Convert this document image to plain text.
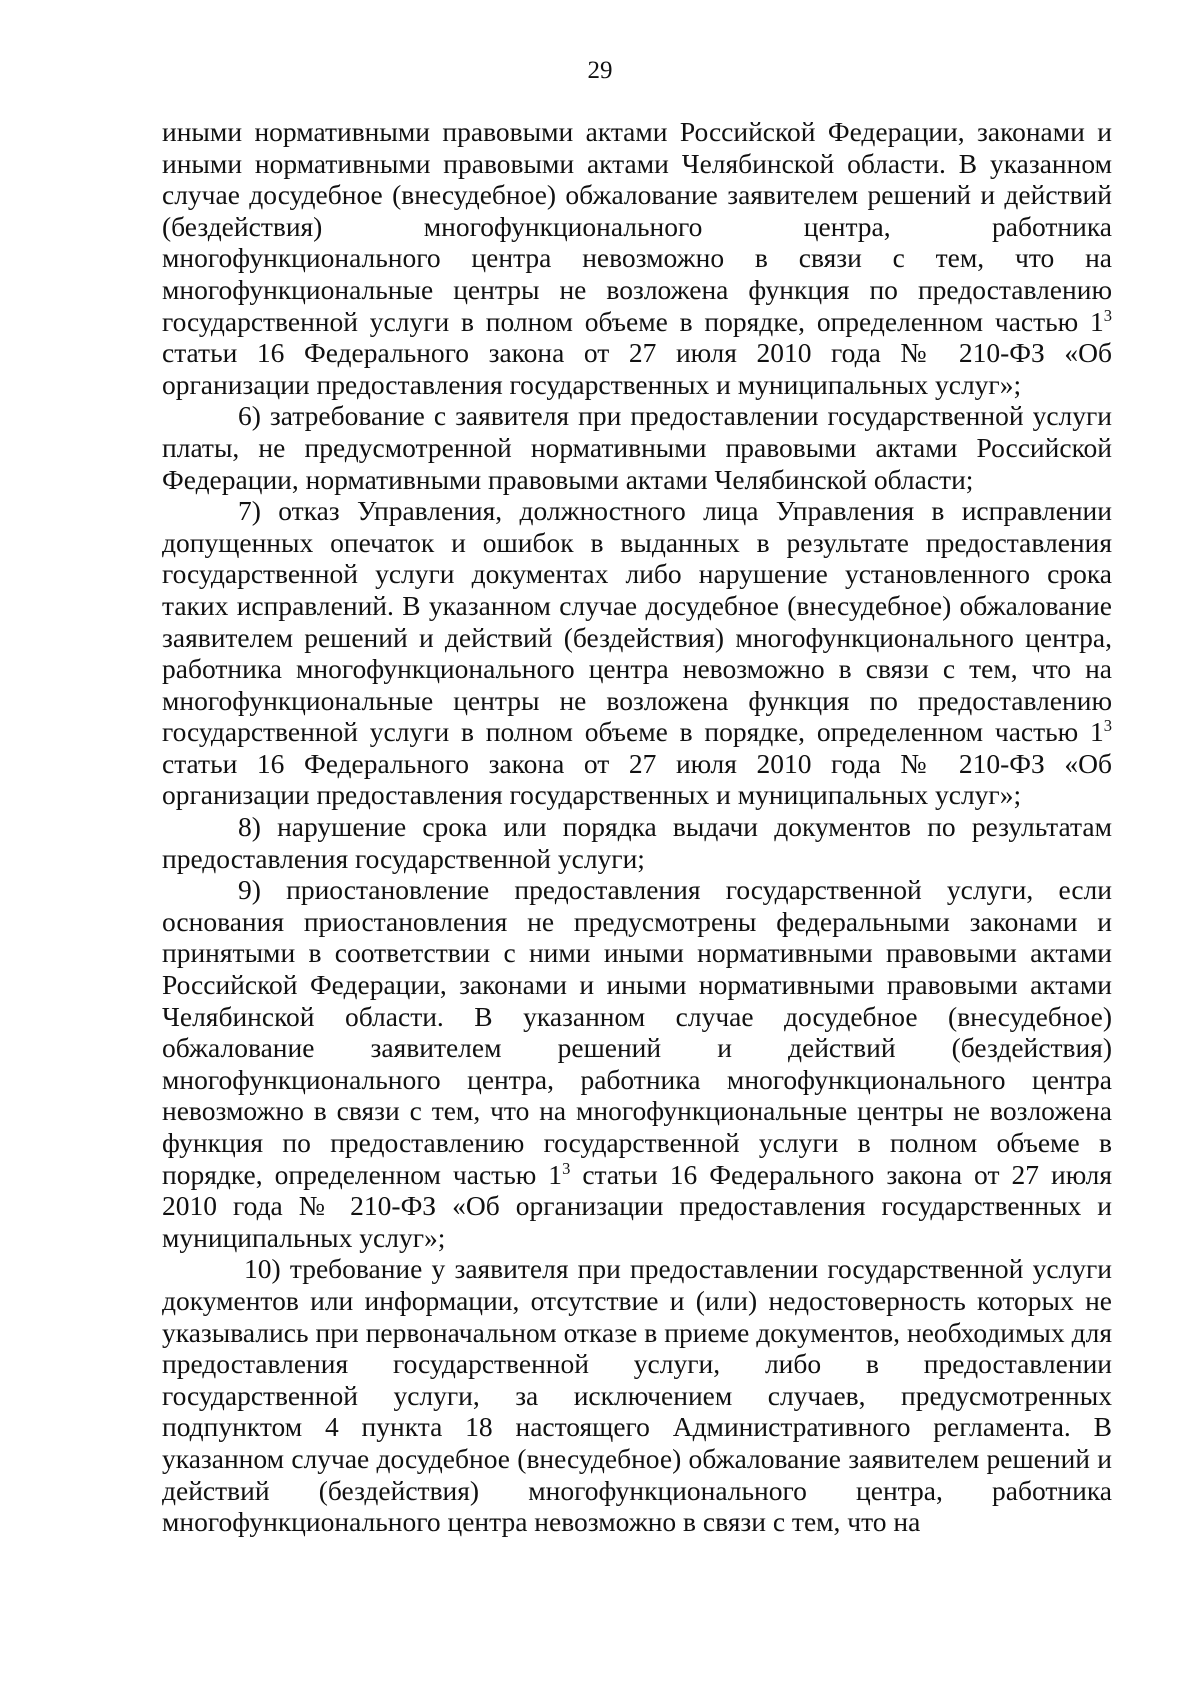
29

иными нормативными правовыми актами Российской Федерации, законами и иными нормативными правовыми актами Челябинской области. В указанном случае досудебное (внесудебное) обжалование заявителем решений и действий (бездействия) многофункционального центра, работника многофункционального центра невозможно в связи с тем, что на многофункциональные центры не возложена функция по предоставлению государственной услуги в полном объеме в порядке, определенном частью $1^3$ статьи 16 Федерального закона от 27 июля 2010 года № 210-ФЗ «Об организации предоставления государственных и муниципальных услуг»;

6) затребование с заявителя при предоставлении государственной услуги платы, не предусмотренной нормативными правовыми актами Российской Федерации, нормативными правовыми актами Челябинской области;

7) отказ Управления, должностного лица Управления в исправлении допущенных опечаток и ошибок в выданных в результате предоставления государственной услуги документах либо нарушение установленного срока таких исправлений. В указанном случае досудебное (внесудебное) обжалование заявителем решений и действий (бездействия) многофункционального центра, работника многофункционального центра невозможно в связи с тем, что на многофункциональные центры не возложена функция по предоставлению государственной услуги в полном объеме в порядке, определенном частью $1^3$ статьи 16 Федерального закона от 27 июля 2010 года № 210-ФЗ «Об организации предоставления государственных и муниципальных услуг»;

8) нарушение срока или порядка выдачи документов по результатам предоставления государственной услуги;

9) приостановление предоставления государственной услуги, если основания приостановления не предусмотрены федеральными законами и принятыми в соответствии с ними иными нормативными правовыми актами Российской Федерации, законами и иными нормативными правовыми актами Челябинской области. В указанном случае досудебное (внесудебное) обжалование заявителем решений и действий (бездействия) многофункционального центра, работника многофункционального центра невозможно в связи с тем, что на многофункциональные центры не возложена функция по предоставлению государственной услуги в полном объеме в порядке, определенном частью $1^3$ статьи 16 Федерального закона от 27 июля 2010 года № 210-ФЗ «Об организации предоставления государственных и муниципальных услуг»;

10) требование у заявителя при предоставлении государственной услуги документов или информации, отсутствие и (или) недостоверность которых не указывались при первоначальном отказе в приеме документов, необходимых для предоставления государственной услуги, либо в предоставлении государственной услуги, за исключением случаев, предусмотренных подпунктом 4 пункта 18 настоящего Административного регламента. В указанном случае досудебное (внесудебное) обжалование заявителем решений и действий (бездействия) многофункционального центра, работника многофункционального центра невозможно в связи с тем, что на
